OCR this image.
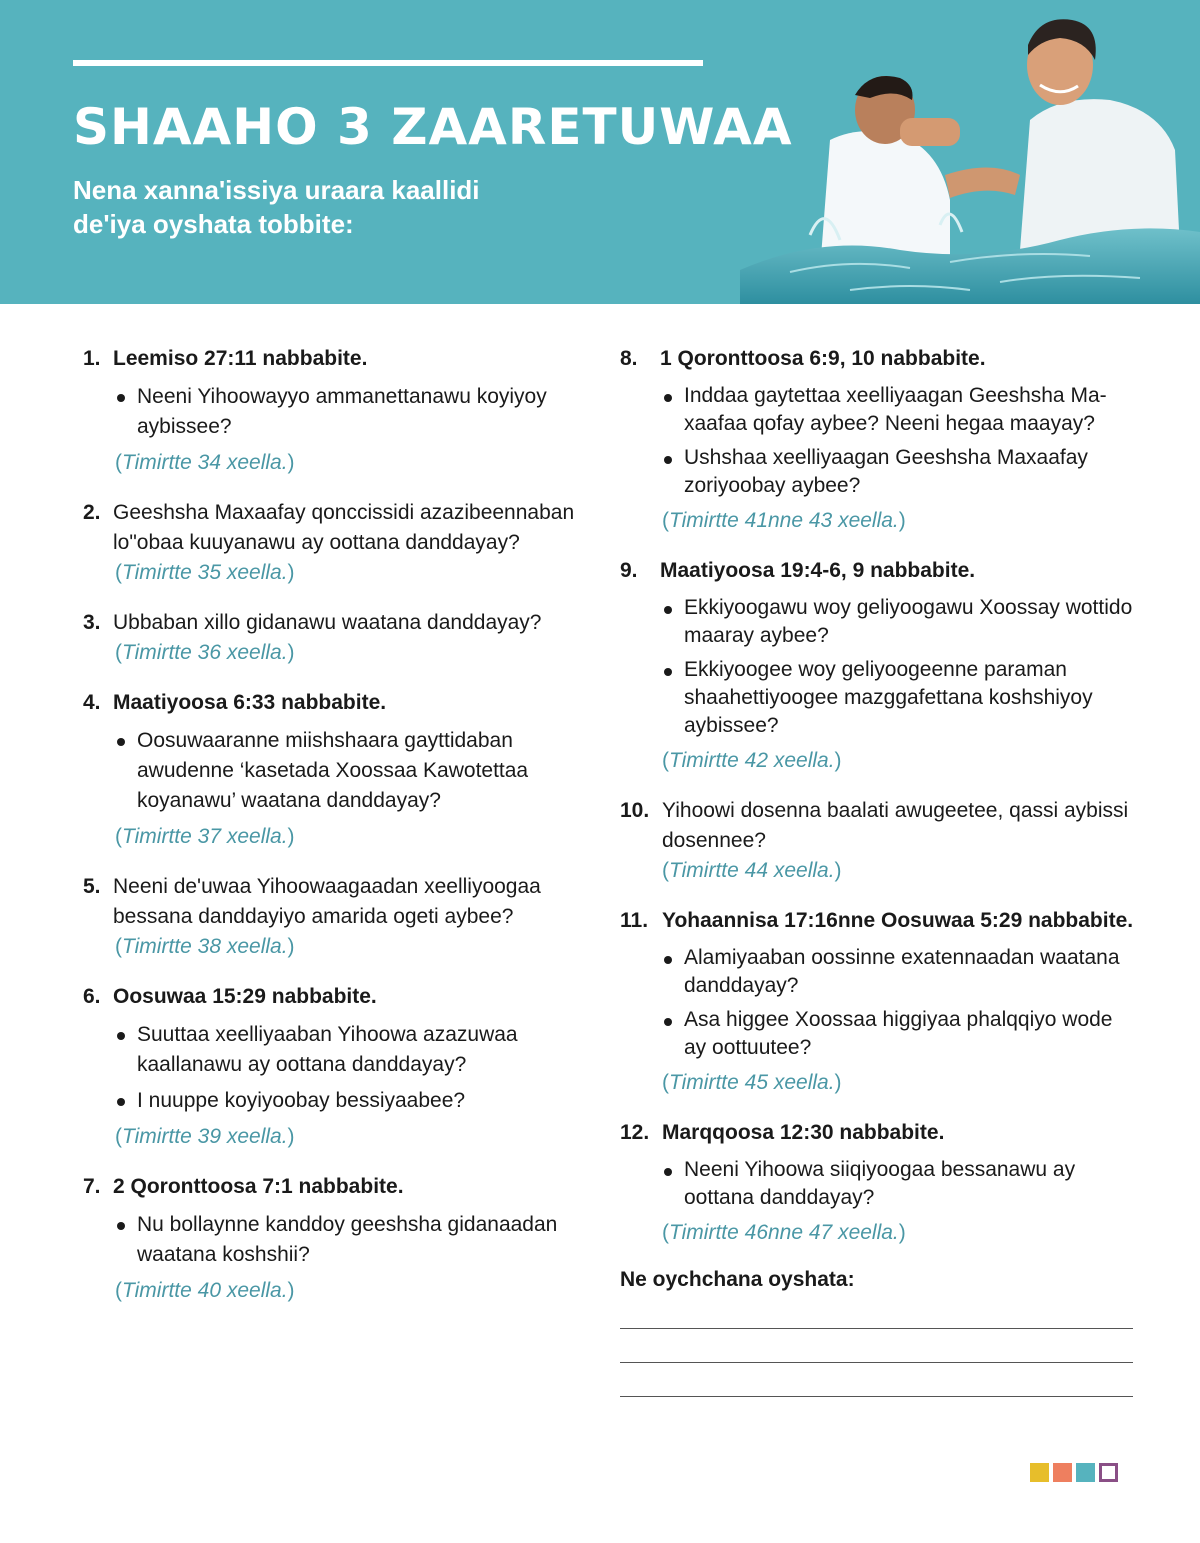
SHAAHO 3 ZAARETUWAA

Nena xanna'issiya uraara kaallidi
de'iya oyshata tobbite:

1. Leemiso 27:11 nabbabite.
Neeni Yihoowayyo ammanettanawu koyiyoy aybissee?
(Timirtte 34 xeella.)
2. Geeshsha Maxaafay qonccissidi azazibeennaban lo"obaa kuuyanawu ay oottana danddayay?
(Timirtte 35 xeella.)
3. Ubbaban xillo gidanawu waatana danddayay?
(Timirtte 36 xeella.)
4. Maatiyoosa 6:33 nabbabite.
Oosuwaaranne miishshaara gayttidaban awudenne ‘kasetada Xoossaa Kawotettaa koyanawu’ waatana danddayay?
(Timirtte 37 xeella.)
5. Neeni de'uwaa Yihoowaagaadan xeelliyoogaa bessana danddayiyo amarida ogeti aybee?
(Timirtte 38 xeella.)
6. Oosuwaa 15:29 nabbabite.
Suuttaa xeelliyaaban Yihoowa azazuwaa kaallanawu ay oottana danddayay?
I nuuppe koyiyoobay bessiyaabee?
(Timirtte 39 xeella.)
7. 2 Qoronttoosa 7:1 nabbabite.
Nu bollaynne kanddoy geeshsha gidanaadan waatana koshshii?
(Timirtte 40 xeella.)
8.	1 Qoronttoosa 6:9, 10 nabbabite.
Inddaa gaytettaa xeelliyaagan Geeshsha Maxaafaa qofay aybee? Neeni hegaa maayay?
Ushshaa xeelliyaagan Geeshsha Maxaafay zoriyoobay aybee?
(Timirtte 41nne 43 xeella.)
9.	Maatiyoosa 19:4-6, 9 nabbabite.
Ekkiyoogawu woy geliyoogawu Xoossay wottido maaray aybee?
Ekkiyoogee woy geliyoogeenne paraman shaahettiyoogee mazggafettana koshshiyoy aybissee?
(Timirtte 42 xeella.)
10. Yihoowi dosenna baalati awugeetee, qassi aybissi dosennee?
(Timirtte 44 xeella.)
11. Yohaannisa 17:16nne Oosuwaa 5:29 nabbabite.
Alamiyaaban oossinne exatennaadan waatana danddayay?
Asa higgee Xoossaa higgiyaa phalqqiyo wode ay oottuutee?
(Timirtte 45 xeella.)
12. Marqqoosa 12:30 nabbabite.
Neeni Yihoowa siiqiyoogaa bessanawu ay oottana danddayay?
(Timirtte 46nne 47 xeella.)
Ne oychchana oyshata:
